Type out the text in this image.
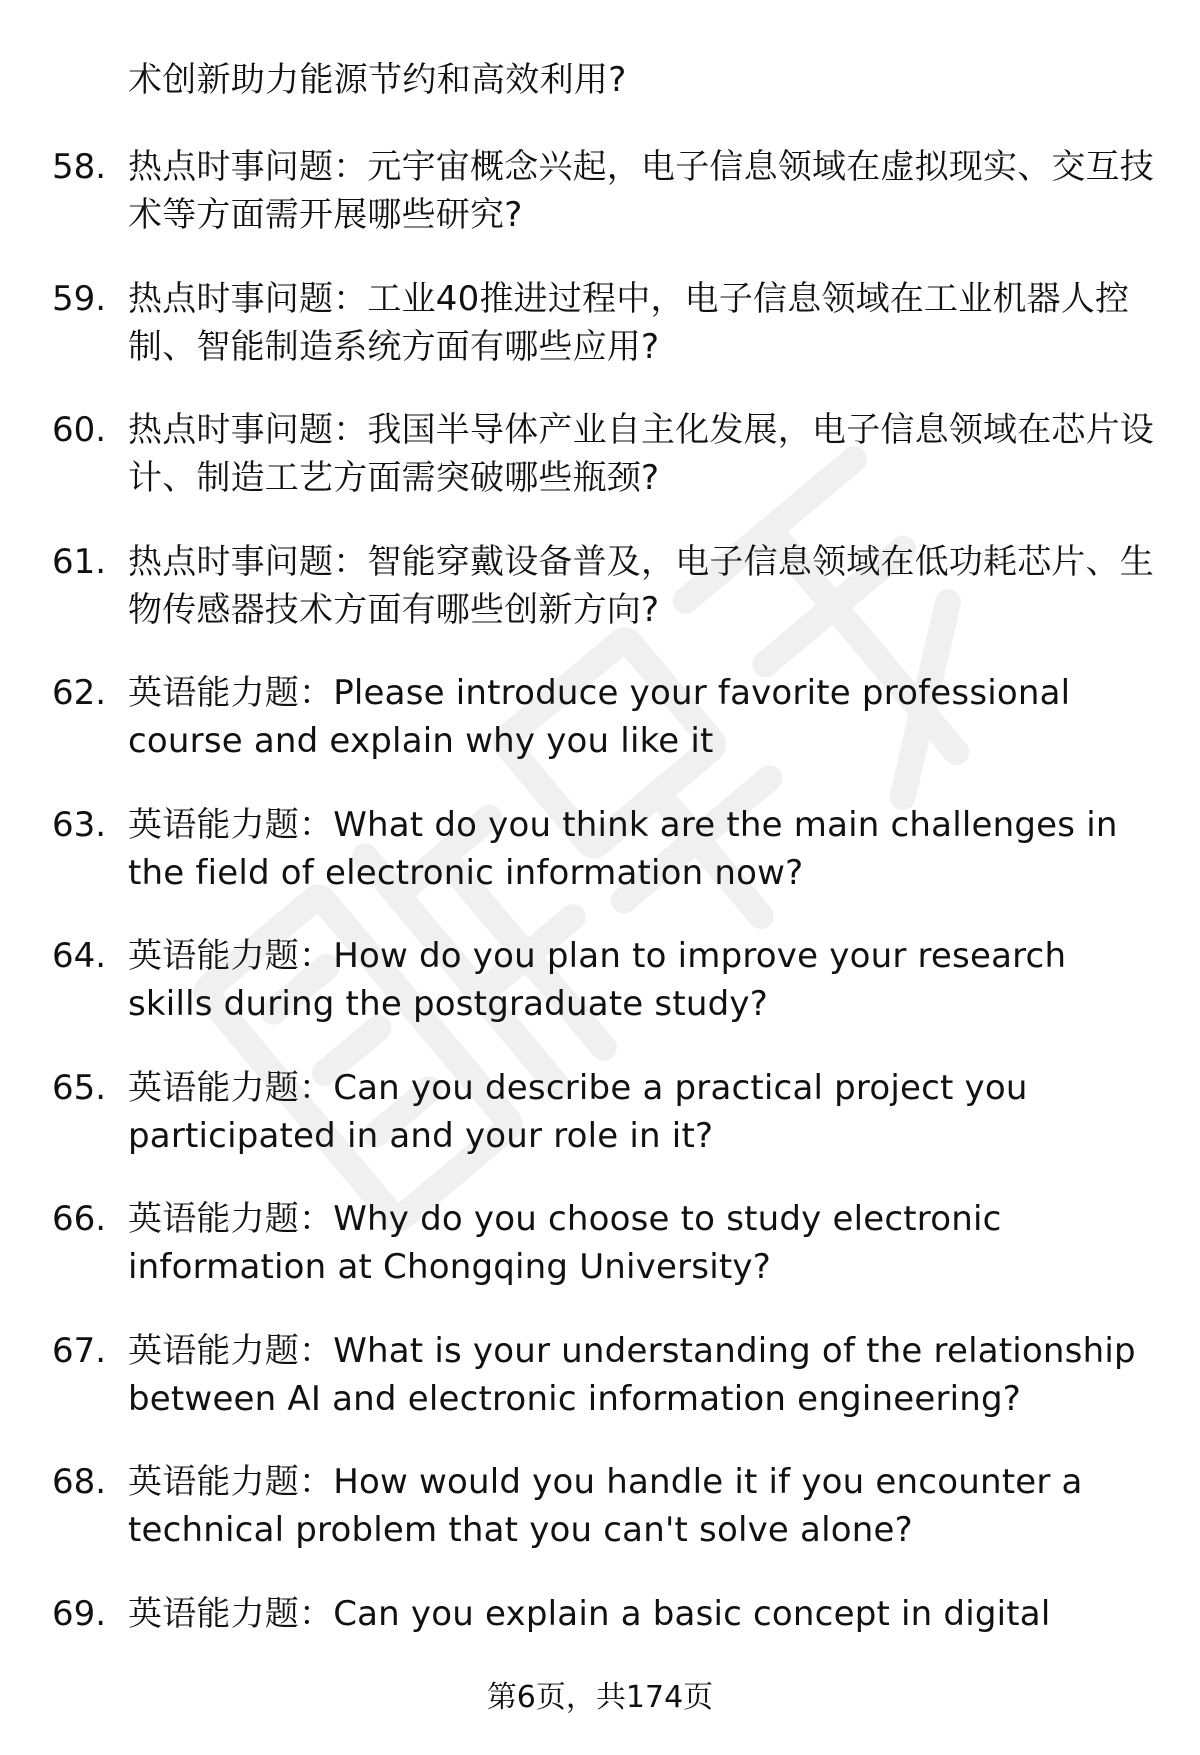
术创新助力能源节约和高效利用?
58. 热点时事问题：元宇宙概念兴起，电子信息领域在虚拟现实、交互技术等方面需开展哪些研究?
59. 热点时事问题：工业40推进过程中，电子信息领域在工业机器人控制、智能制造系统方面有哪些应用?
60. 热点时事问题：我国半导体产业自主化发展，电子信息领域在芯片设计、制造工艺方面需突破哪些瓶颈?
61. 热点时事问题：智能穿戴设备普及，电子信息领域在低功耗芯片、生物传感器技术方面有哪些创新方向?
62. 英语能力题：Please introduce your favorite professional course and explain why you like it
63. 英语能力题：What do you think are the main challenges in the field of electronic information now?
64. 英语能力题：How do you plan to improve your research skills during the postgraduate study?
65. 英语能力题：Can you describe a practical project you participated in and your role in it?
66. 英语能力题：Why do you choose to study electronic information at Chongqing University?
67. 英语能力题：What is your understanding of the relationship between AI and electronic information engineering?
68. 英语能力题：How would you handle it if you encounter a technical problem that you can't solve alone?
69. 英语能力题：Can you explain a basic concept in digital
第6页，共174页
